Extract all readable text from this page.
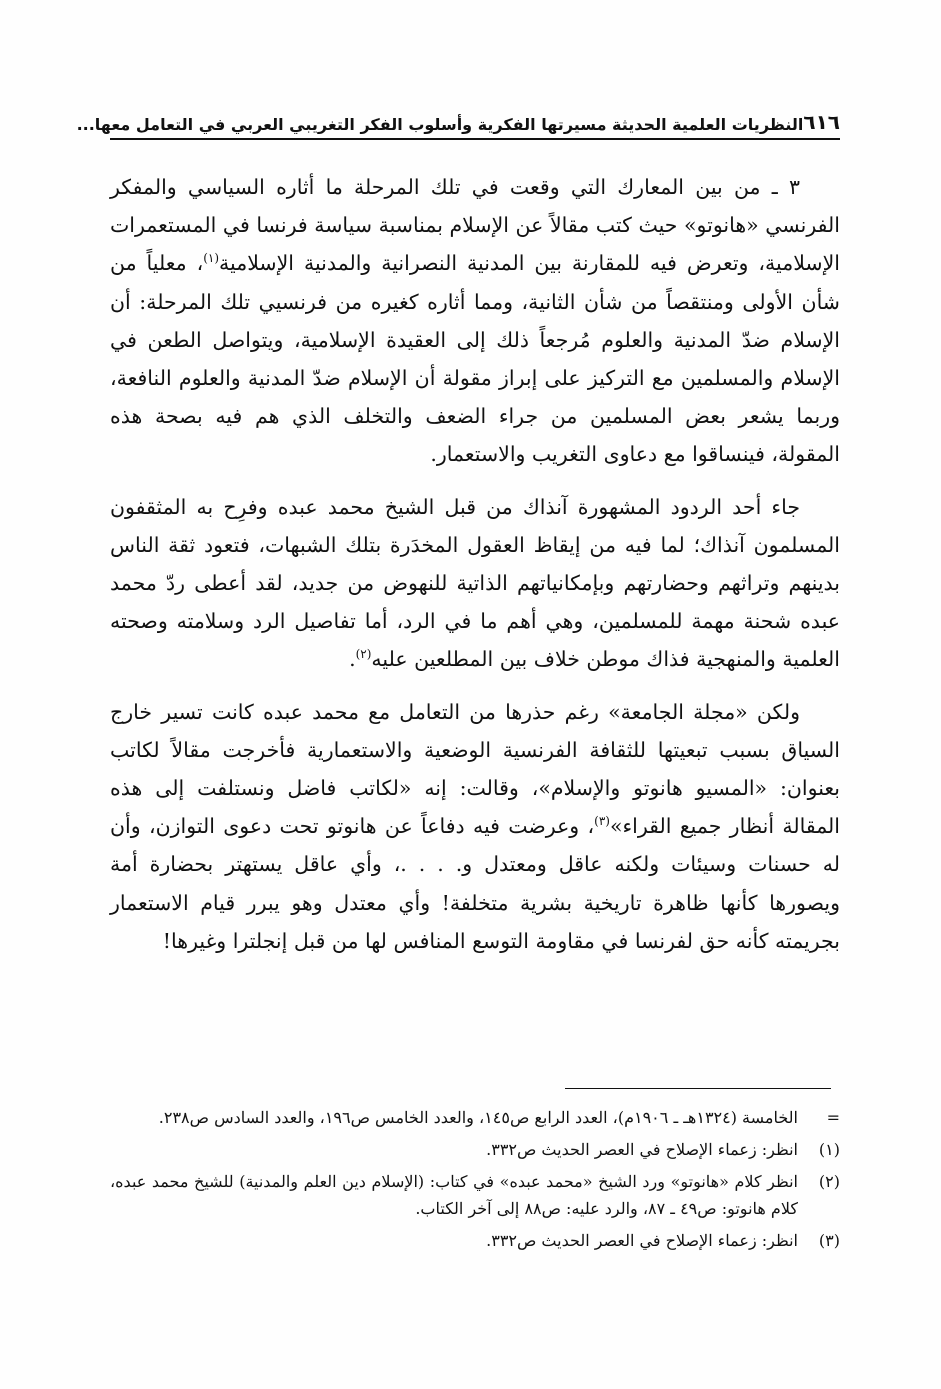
٦١٦
النظريات العلمية الحديثة مسيرتها الفكرية وأسلوب الفكر التغريبي العربي في التعامل معها...

٣ ـ من بين المعارك التي وقعت في تلك المرحلة ما أثاره السياسي والمفكر الفرنسي «هانوتو» حيث كتب مقالاً عن الإسلام بمناسبة سياسة فرنسا في المستعمرات الإسلامية، وتعرض فيه للمقارنة بين المدنية النصرانية والمدنية الإسلامية$^{(١)}$، معلياً من شأن الأولى ومنتقصاً من شأن الثانية، ومما أثاره كغيره من فرنسيي تلك المرحلة: أن الإسلام ضدّ المدنية والعلوم مُرجعاً ذلك إلى العقيدة الإسلامية، ويتواصل الطعن في الإسلام والمسلمين مع التركيز على إبراز مقولة أن الإسلام ضدّ المدنية والعلوم النافعة، وربما يشعر بعض المسلمين من جراء الضعف والتخلف الذي هم فيه بصحة هذه المقولة، فينساقوا مع دعاوى التغريب والاستعمار.

جاء أحد الردود المشهورة آنذاك من قبل الشيخ محمد عبده وفرِح به المثقفون المسلمون آنذاك؛ لما فيه من إيقاظ العقول المخدَرة بتلك الشبهات، فتعود ثقة الناس بدينهم وتراثهم وحضارتهم وبإمكانياتهم الذاتية للنهوض من جديد، لقد أعطى ردّ محمد عبده شحنة مهمة للمسلمين، وهي أهم ما في الرد، أما تفاصيل الرد وسلامته وصحته العلمية والمنهجية فذاك موطن خلاف بين المطلعين عليه$^{(٢)}$.

ولكن «مجلة الجامعة» رغم حذرها من التعامل مع محمد عبده كانت تسير خارج السياق بسبب تبعيتها للثقافة الفرنسية الوضعية والاستعمارية فأخرجت مقالاً لكاتب بعنوان: «المسيو هانوتو والإسلام»، وقالت: إنه «لكاتب فاضل ونستلفت إلى هذه المقالة أنظار جميع القراء»$^{(٣)}$، وعرضت فيه دفاعاً عن هانوتو تحت دعوى التوازن، وأن له حسنات وسيئات ولكنه عاقل ومعتدل و. . . .، وأي عاقل يستهتر بحضارة أمة ويصورها كأنها ظاهرة تاريخية بشرية متخلفة! وأي معتدل وهو يبرر قيام الاستعمار بجريمته كأنه حق لفرنسا في مقاومة التوسع المنافس لها من قبل إنجلترا وغيرها!

=
الخامسة (١٣٢٤هـ ـ ١٩٠٦م)، العدد الرابع ص١٤٥، والعدد الخامس ص١٩٦، والعدد السادس ص٢٣٨.
(١)
انظر: زعماء الإصلاح في العصر الحديث ص٣٣٢.
(٢)
انظر كلام «هانوتو» ورد الشيخ «محمد عبده» في كتاب: (الإسلام دين العلم والمدنية) للشيخ محمد عبده، كلام هانوتو: ص٤٩ ـ ٨٧، والرد عليه: ص٨٨ إلى آخر الكتاب.
(٣)
انظر: زعماء الإصلاح في العصر الحديث ص٣٣٢.
